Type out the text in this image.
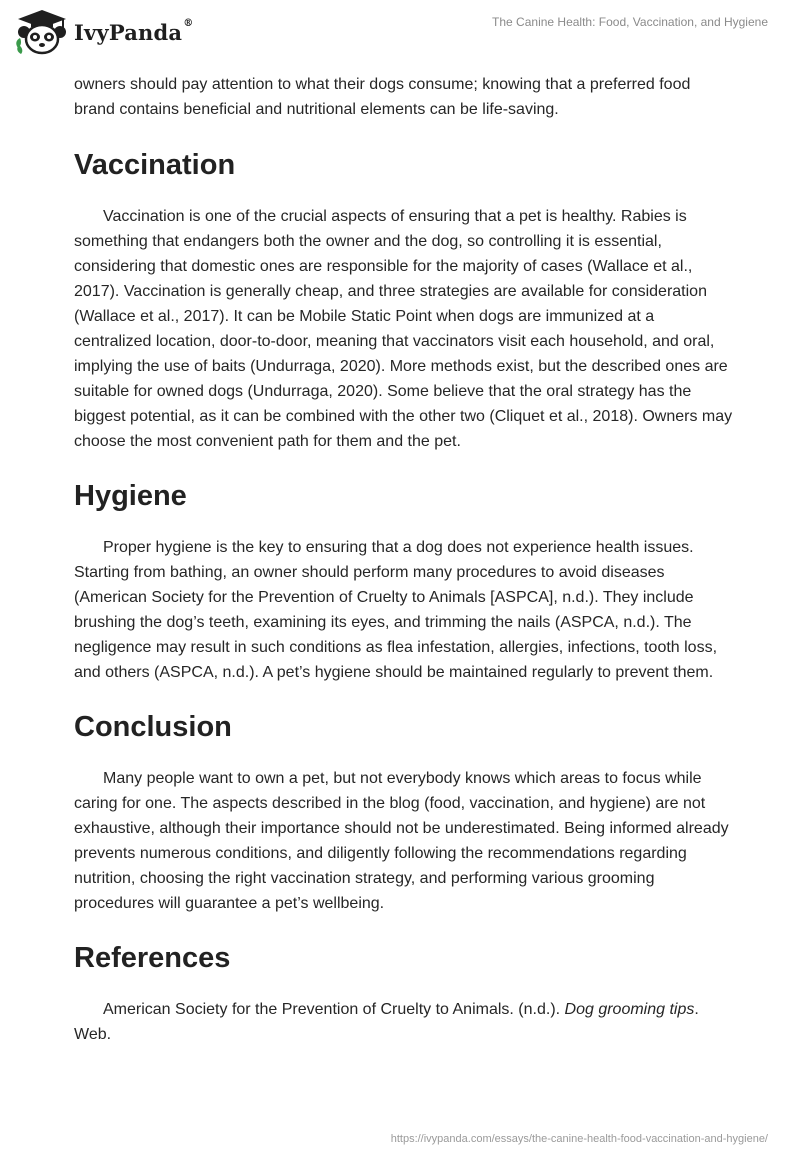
IvyPanda®	The Canine Health: Food, Vaccination, and Hygiene

owners should pay attention to what their dogs consume; knowing that a preferred food brand contains beneficial and nutritional elements can be life-saving.

Vaccination

Vaccination is one of the crucial aspects of ensuring that a pet is healthy. Rabies is something that endangers both the owner and the dog, so controlling it is essential, considering that domestic ones are responsible for the majority of cases (Wallace et al., 2017). Vaccination is generally cheap, and three strategies are available for consideration (Wallace et al., 2017). It can be Mobile Static Point when dogs are immunized at a centralized location, door-to-door, meaning that vaccinators visit each household, and oral, implying the use of baits (Undurraga, 2020). More methods exist, but the described ones are suitable for owned dogs (Undurraga, 2020). Some believe that the oral strategy has the biggest potential, as it can be combined with the other two (Cliquet et al., 2018). Owners may choose the most convenient path for them and the pet.

Hygiene

Proper hygiene is the key to ensuring that a dog does not experience health issues. Starting from bathing, an owner should perform many procedures to avoid diseases (American Society for the Prevention of Cruelty to Animals [ASPCA], n.d.). They include brushing the dog’s teeth, examining its eyes, and trimming the nails (ASPCA, n.d.). The negligence may result in such conditions as flea infestation, allergies, infections, tooth loss, and others (ASPCA, n.d.). A pet’s hygiene should be maintained regularly to prevent them.

Conclusion

Many people want to own a pet, but not everybody knows which areas to focus while caring for one. The aspects described in the blog (food, vaccination, and hygiene) are not exhaustive, although their importance should not be underestimated. Being informed already prevents numerous conditions, and diligently following the recommendations regarding nutrition, choosing the right vaccination strategy, and performing various grooming procedures will guarantee a pet’s wellbeing.

References

American Society for the Prevention of Cruelty to Animals. (n.d.). Dog grooming tips. Web.

https://ivypanda.com/essays/the-canine-health-food-vaccination-and-hygiene/
